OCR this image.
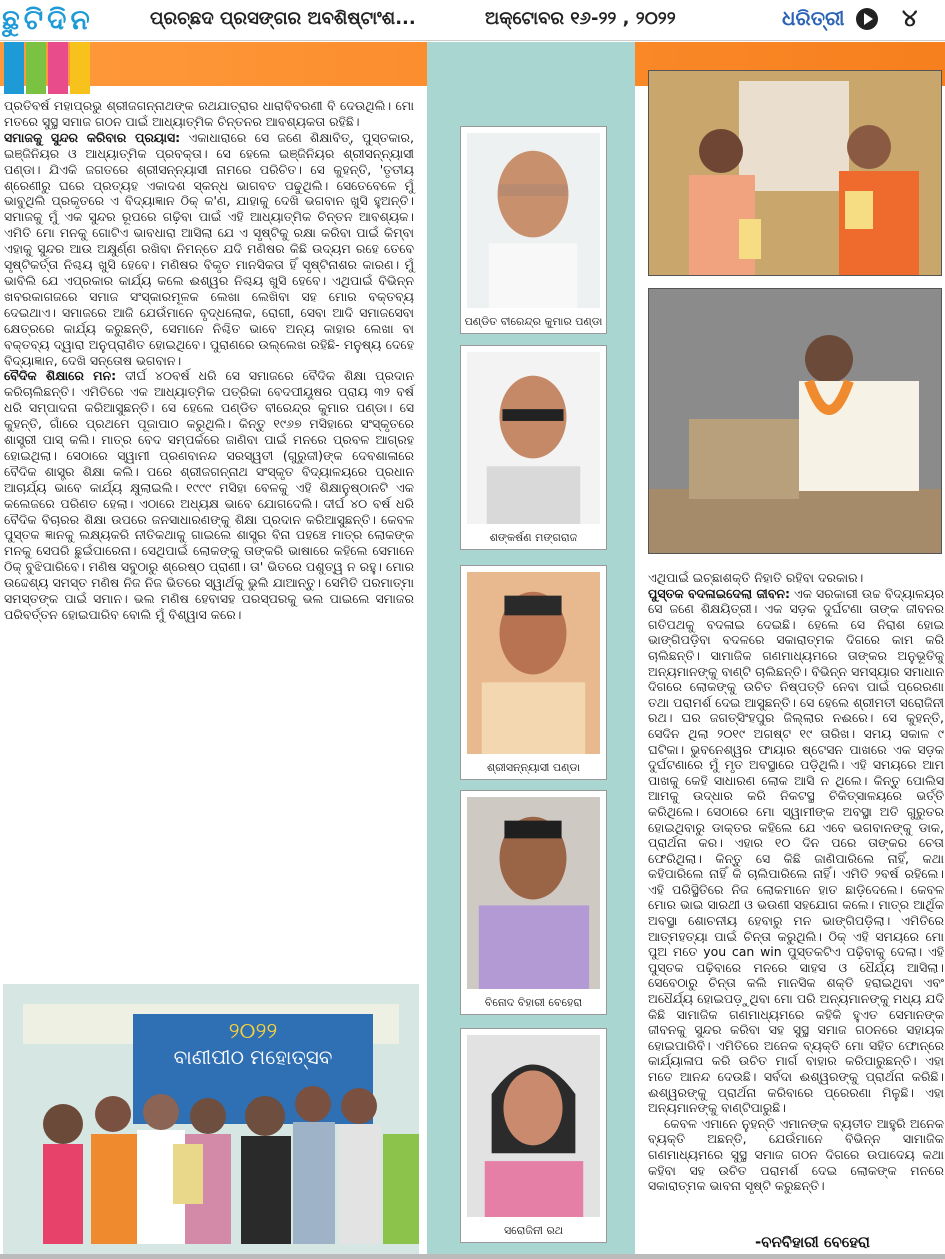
ଛୁ ଟି ଦି ନ	ପ୍ରଚ୍ଛଦ ପ୍ରସଙ୍ଗର ଅବଶିଷ୍ଟାଂଶ...	ଅକ୍ଟୋବର ୧୬-୨୨ , ୨୦୨୨	ଧରିତ୍ରୀ ୪

ପ୍ରତିବର୍ଷ ମହାପ୍ରଭୁ ଶ୍ରୀଜଗନ୍ନାଥଙ୍କ ରଥଯାତ୍ରାର ଧାରାବିବରଣୀ ବି ଦେଉଥିଲି। ମୋ ମତରେ ସୁସ୍ଥ ସମାଜ ଗଠନ ପାଇଁ ଆଧ୍ୟାତ୍ମିକ ଚିନ୍ତନର ଆବଶ୍ୟକତା ରହିଛି।

ସମାଜକୁ ସୁନ୍ଦର କରିବାର ପ୍ରୟାସ: ଏକାଧାରାରେ ସେ ଜଣେ ଶିକ୍ଷାବିତ୍, ପୁସ୍ତକାର, ଇଞ୍ଜିନିୟର ଓ ଆଧ୍ୟାତ୍ମିକ ପ୍ରବକ୍ତା। ସେ ହେଲେ ଇଞ୍ଜିନିୟର ଶ୍ରୀସନ୍ନ୍ୟାସୀ ପଣ୍ଡା। ଯିଏକି ଜଗତରେ ଶ୍ରୀସନ୍ନ୍ୟାସୀ ନାମରେ ପରିଚିତ। ସେ କୁହନ୍ତି, 'ତୃତୀୟ ଶ୍ରେଣୀରୁ ଘରେ ପ୍ରତ୍ୟହ ଏକାଦଶ ସ୍କନ୍ଧ ଭାଗବତ ପଢୁଥିଲି। ସେତେବେଳେ ମୁଁ ଭାବୁଥିଲି ପ୍ରକୃତରେ ଏ ବିଦ୍ୟାଜ୍ଞାନ ଠିକ୍ କ'ଣ, ଯାହାକୁ ଦେଖି ଭଗବାନ ଖୁସି ହୁଅନ୍ତି। ସମାଜକୁ ମୁଁ ଏକ ସୁନ୍ଦର ରୂପରେ ଗଢ଼ିବା ପାଇଁ ଏହି ଆଧ୍ୟାତ୍ମିକ ଚିନ୍ତନ ଆବଶ୍ୟକ। ଏମିତି ମୋ ମନକୁ ଗୋଟିଏ ଭାବଧାରା ଆସିଲା ଯେ ଏ ସୃଷ୍ଟିକୁ ରକ୍ଷା କରିବା ପାଇଁ କିମ୍ବା ଏହାକୁ ସୁନ୍ଦର ଆଉ ଅକ୍ଷୁର୍ଣ୍ଣ ରଖିବା ନିମନ୍ତେ ଯଦି ମଣିଷର କିଛି ଉଦ୍ୟମ ରହେ ତେବେ ସୃଷ୍ଟିକର୍ତ୍ତା ନିଶ୍ଚୟ ଖୁସି ହେବେ। ମଣିଷର ବିକୃତ ମାନସିକତା ହିଁ ସୃଷ୍ଟିନାଶର କାରଣ। ମୁଁ ଭାବିଲି ଯେ ଏପ୍ରକାର କାର୍ଯ୍ୟ କଲେ ଈଶ୍ୱର ନିଶ୍ଚୟ ଖୁସି ହେବେ। ଏଥିପାଇଁ ବିଭିନ୍ନ ଖବରକାଗଜରେ ସମାଜ ସଂସ୍କାରମୂଳକ ଲେଖା ଲେଖିବା ସହ ମୋର ବକ୍ତବ୍ୟ ଦେଇଥାଏ। ସମାଜରେ ଆଜି ଯେଉଁମାନେ ବୃଦ୍ଧଲୋକ, ରୋଗୀ, ସେବା ଆଦି ସମାଜସେବା କ୍ଷେତ୍ରରେ କାର୍ଯ୍ୟ କରୁଛନ୍ତି, ସେମାନେ ନିଶ୍ଚିତ ଭାବେ ଅନ୍ୟ କାହାର ଲେଖା ବା ବକ୍ତବ୍ୟ ଦ୍ୱାରା ଅନୁପ୍ରାଣିତ ହୋଇଥିବେ। ପୁରାଣରେ ଉଲ୍ଲେଖ ରହିଛି- ମନୁଷ୍ୟ ଦେହେ ବିଦ୍ୟାଜ୍ଞାନ, ଦେଖି ସନ୍ତୋଷ ଭଗବାନ।

ବୈଦିକ ଶିକ୍ଷାରେ ମନ: ଦୀର୍ଘ ୪୦ବର୍ଷ ଧରି ସେ ସମାଜରେ ବୈଦିକ ଶିକ୍ଷା ପ୍ରଦାନ କରିଚାଲିଛନ୍ତି। ଏମିତିରେ ଏକ ଆଧ୍ୟାତ୍ମିକ ପତ୍ରିକା ବେଦପୀୟୂଷର ପ୍ରାୟ ୩୨ ବର୍ଷ ଧରି ସମ୍ପାଦନା କରିଆସୁଛନ୍ତି। ସେ ହେଲେ ପଣ୍ଡିତ ବୀରେନ୍ଦ୍ର କୁମାର ପଣ୍ଡା। ସେ କୁହନ୍ତି, ଗାଁରେ ପ୍ରଥମେ ପୂଜାପାଠ କରୁଥିଲି। କିନ୍ତୁ ୧୯୬୭ ମସିହାରେ ସଂସ୍କୃତରେ ଶାସ୍ତ୍ରୀ ପାସ୍ କଲି। ମାତ୍ର ବେଦ ସମ୍ପର୍କରେ ଜାଣିବା ପାଇଁ ମନରେ ପ୍ରବଳ ଆଗ୍ରହ ହୋଇଥିଲା। ସେଠାରେ ସ୍ୱାମୀ ପ୍ରଣବାନନ୍ଦ ସରସ୍ୱତୀ (ଗୁରୁଜୀ)ଙ୍କ ଦେବଶାଳାରେ ବୈଦିକ ଶାସ୍ତ୍ର ଶିକ୍ଷା କଲି। ପରେ ଶ୍ରୀଜଗନ୍ନାଥ ସଂସ୍କୃତ ବିଦ୍ୟାଳୟରେ ପ୍ରଧାନ ଆଚାର୍ଯ୍ୟ ଭାବେ କାର୍ଯ୍ୟ କ୍ଷୁଲାଇଲି। ୧୯୯୯ ମସିହା ବେଳକୁ ଏହି ଶିକ୍ଷାନୁଷ୍ଠାନଟି ଏକ କଲେଜରେ ପରିଣତ ହେଲା। ଏଠାରେ ଅଧ୍ୟକ୍ଷ ଭାବେ ଯୋଗଦେଲି। ଦୀର୍ଘ ୪୦ ବର୍ଷ ଧରି ବୈଦିକ ବିଚାରର ଶିକ୍ଷା ଉପରେ ଜନସାଧାରଣଙ୍କୁ ଶିକ୍ଷା ପ୍ରଦାନ କରିଆସୁଛନ୍ତି। କେବଳ ପୁସ୍ତକ ଜ୍ଞାନକୁ ଲକ୍ଷ୍ୟକରି ନୀତିକଥାକୁ ଗାଇଲେ ଶାସ୍ତ୍ର ବିନା ପହଞ୍ଚେ ମାତ୍ର ଲୋକଙ୍କ ମନକୁ ସେପରି ଛୁଇଁପାରେନା। ସେଥିପାଇଁ ଲୋକଙ୍କୁ ତାଙ୍କରି ଭାଷାରେ କହିଲେ ସେମାନେ ଠିକ୍ ବୁଝିପାରିବେ। ମଣିଷ ସବୁଠାରୁ ଶ୍ରେଷ୍ଠ ପ୍ରାଣୀ। ତା' ଭିତରେ ପଶୁତ୍ୱ ନ ରହୁ। ମୋର ଉଦ୍ଦେଶ୍ୟ ସମସ୍ତ ମଣିଷ ନିଜ ନିଜ ଭିତରେ ସ୍ୱାର୍ଥକୁ ଭୁଲି ଯାଆନ୍ତୁ। ସେମିତି ପରମାତ୍ମା ସମସ୍ତଙ୍କ ପାଇଁ ସମାନ। ଭଲ ମଣିଷ ହେବାସହ ପରସ୍ପରକୁ ଭଲ ପାଇଲେ ସମାଜର ପରିବର୍ତ୍ତନ ହୋଇପାରିବ ବୋଲି ମୁଁ ବିଶ୍ୱାସ କରେ।

ବାଣୀପୀଠ ମହୋତ୍ସବ
୨୦୨୨
ପଣ୍ଡିତ ବୀରେନ୍ଦ୍ର କୁମାର ପଣ୍ଡା
ଶଙ୍କର୍ଷଣ ମଙ୍ଗରାଜ
ଶ୍ରୀସନ୍ନ୍ୟାସୀ ପଣ୍ଡା
ବିନୋଦ ବିହାରୀ ବେହେରା
ସରୋଜିନୀ ରଥ

ଏଥିପାଇଁ ଇଚ୍ଛାଶକ୍ତି ନିହାତି ରହିବା ଦରକାର।

ପୁସ୍ତକ ବଦଳାଇଦେଲା ଜୀବନ: ଏକ ସରକାରୀ ଉଚ୍ଚ ବିଦ୍ୟାଳୟର ସେ ଜଣେ ଶିକ୍ଷୟିତ୍ରୀ। ଏକ ସଡ଼କ ଦୁର୍ଘଟଣା ତାଙ୍କ ଜୀବନର ଗତିପଥକୁ ବଦଳାଇ ଦେଇଛି। ହେଲେ ସେ ନିରାଶ ହୋଇ ଭାଙ୍ଗିପଡ଼ିବା ବଦଳରେ ସକାରାତ୍ମକ ଦିଗରେ କାମ କରି ଚାଲିଛନ୍ତି। ସାମାଜିକ ଗଣମାଧ୍ୟମରେ ତାଙ୍କର ଅନୁଭୂତିକୁ ଅନ୍ୟମାନଙ୍କୁ ବାଣ୍ଟି ଚାଲିଛନ୍ତି। ବିଭିନ୍ନ ସମସ୍ୟାର ସମାଧାନ ଦିଗରେ ଲୋକଙ୍କୁ ଉଚିତ ନିଷ୍ପତ୍ତି ନେବା ପାଇଁ ପ୍ରେରଣା ତଥା ପରାମର୍ଶ ଦେଇ ଆସୁଛନ୍ତି। ସେ ହେଲେ ଶ୍ରୀମତୀ ସରୋଜିନୀ ରଥ। ଘର ଜଗତ୍‌ସିଂହପୁର ଜିଲ୍ଲାର ନଈରେ। ସେ କୁହନ୍ତି, ସେଦିନ ଥିଲା ୨୦୧୯ ଅଗଷ୍ଟ ୧୯ ତାରିଖ। ସମୟ ସକାଳ ୯ ଘଟିକା। ଭୁବନେଶ୍ୱର ଫାୟାର ଷ୍ଟେସନ ପାଖରେ ଏକ ସଡ଼କ ଦୁର୍ଘଟଣାରେ ମୁଁ ମୃତ ଅବସ୍ଥାରେ ପଡ଼ିଥିଲି। ଏହି ସମୟରେ ଆମ ପାଖକୁ କେହି ସାଧାରଣ ଲୋକ ଆସି ନ ଥିଲେ। କିନ୍ତୁ ପୋଲିସ ଆମକୁ ଉଦ୍ଧାର କରି ନିକଟସ୍ଥ ଚିକିତ୍ସାଳୟରେ ଭର୍ତ୍ତି କରିଥିଲେ। ସେଠାରେ ମୋ ସ୍ୱାମୀଙ୍କ ଅବସ୍ଥା ଅତି ଗୁରୁତର ହୋଇଥିବାରୁ ଡାକ୍ତର କହିଲେ ଯେ ଏବେ ଭଗବାନଙ୍କୁ ଡାକ, ପ୍ରାର୍ଥନା କର। ଏହାର ୧୦ ଦିନ ପରେ ତାଙ୍କର ଚେତା ଫେରିଥିଲା। କିନ୍ତୁ ସେ କିଛି ଜାଣିପାରିଲେ ନାହିଁ, କଥା କହିପାରିଲେ ନାହିଁ କି ଚାଲିପାରିଲେ ନାହିଁ। ଏମିତି ୨ବର୍ଷ ରହିଲେ। ଏହି ପରିସ୍ଥିତିରେ ନିଜ ଲୋକମାନେ ହାତ ଛାଡ଼ିଦେଲେ। କେବଳ ମୋର ଭାଇ ସାରଥୀ ଓ ଭଉଣୀ ସହଯୋଗ କଲେ। ମାତ୍ର ଆର୍ଥିକ ଅବସ୍ଥା ଶୋଚନୀୟ ହେବାରୁ ମନ ଭାଙ୍ଗିପଡ଼ିଲା। ଏମିତିରେ ଆତ୍ମହତ୍ୟା ପାଇଁ ଚିନ୍ତା କରୁଥିଲି। ଠିକ୍ ଏହି ସମୟରେ ମୋ ପୁଅ ମତେ you can win ପୁସ୍ତକଟିଏ ପଢ଼ିବାକୁ ଦେଲା। ଏହି ପୁସ୍ତକ ପଢ଼ିବାରେ ମନରେ ସାହସ ଓ ଧୈର୍ଯ୍ୟ ଆସିଲା। ସେବେଠାରୁ ଚିନ୍ତା କଲି ମାନସିକ ଶକ୍ତି ହରାଇଥିବା ଏବଂ ଅଧୈର୍ଯ୍ୟ ହୋଇପଡ଼ୁଥିବା ମୋ ପରି ଅନ୍ୟମାନଙ୍କୁ ମଧ୍ୟ ଯଦି କିଛି ସାମାଜିକ ଗଣମାଧ୍ୟମରେ କହିକି ହୁଏତ ସେମାନଙ୍କ ଜୀବନକୁ ସୁନ୍ଦର କରିବା ସହ ସୁସ୍ଥ ସମାଜ ଗଠନରେ ସହାୟକ ହୋଇପାରିବି। ଏମିତିରେ ଅନେକ ବ୍ୟକ୍ତି ମୋ ସହିତ ଫୋନ୍‌ରେ କାର୍ଯ୍ୟାଳାପ କରି ଉଚିତ ମାର୍ଗ ବାହାର କରିପାରୁଛନ୍ତି। ଏହା ମତେ ଆନନ୍ଦ ଦେଉଛି। ସର୍ବଦା ଈଶ୍ୱରଙ୍କୁ ପ୍ରାର୍ଥନା କରିଛି। ଈଶ୍ୱରଙ୍କୁ ପ୍ରାର୍ଥନା କରିବାରେ ପ୍ରେରଣା ମିଳୁଛି। ଏହା ଅନ୍ୟମାନଙ୍କୁ ବାଣ୍ଟିପାରୁଛି।

କେବଳ ଏମାନେ ନୁହନ୍ତି ଏମାନଙ୍କ ବ୍ୟତୀତ ଆହୁରି ଅନେକ ବ୍ୟକ୍ତି ଅଛନ୍ତି, ଯେଉଁମାନେ ବିଭିନ୍ନ ସାମାଜିକ ଗଣମାଧ୍ୟମରେ ସୁସ୍ଥ ସମାଜ ଗଠନ ଦିଗରେ ଉପାଦେୟ କଥା କହିବା ସହ ଉଚିତ ପରାମର୍ଶ ଦେଇ ଲୋକଙ୍କ ମନରେ ସକାରାତ୍ମକ ଭାବନା ସୃଷ୍ଟି କରୁଛନ୍ତି।

-ବନବିହାରୀ ବେହେରା
